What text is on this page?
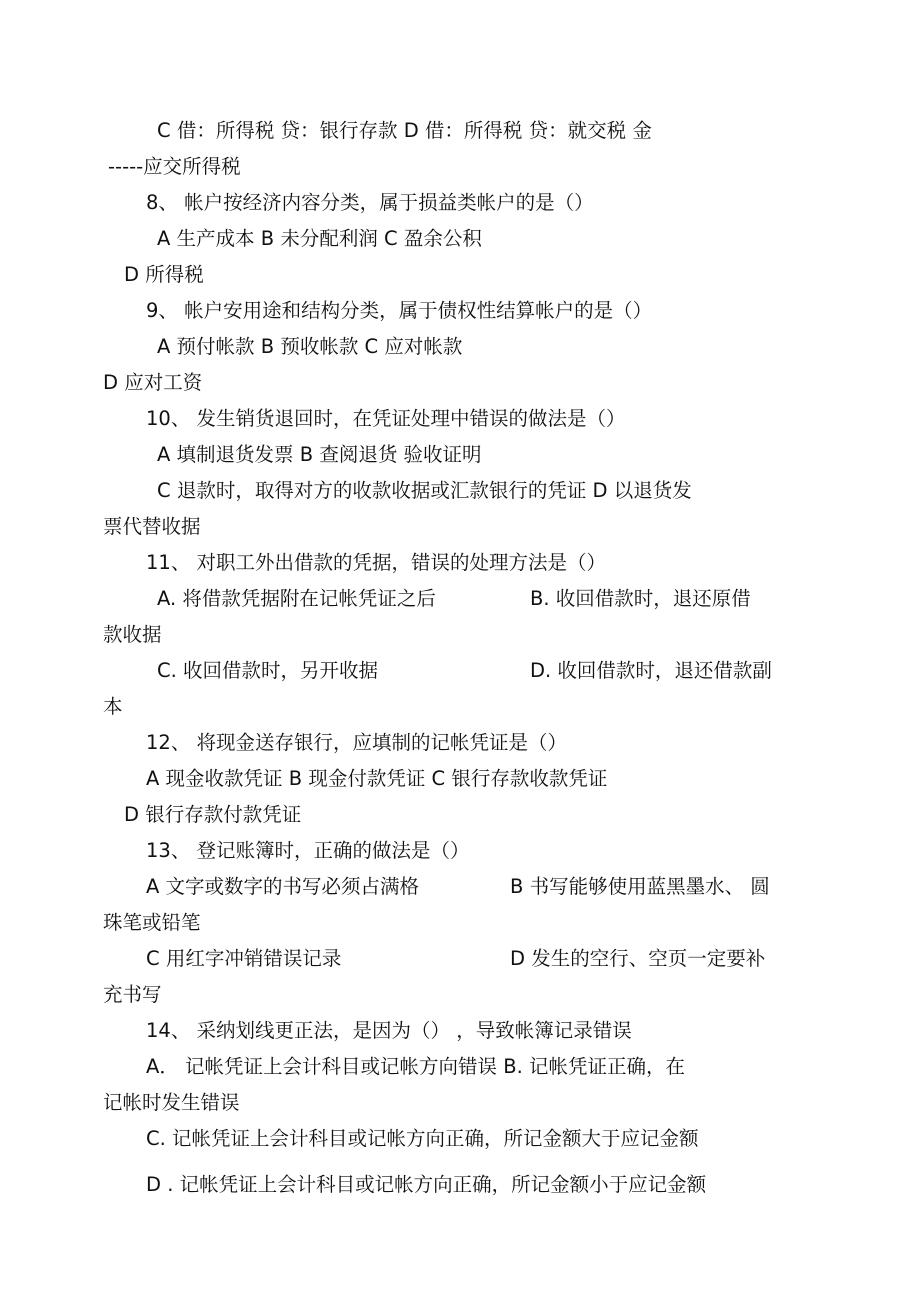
C 借：所得税 贷：银行存款 D 借：所得税 贷：就交税 金
-----应交所得税
8、 帐户按经济内容分类，属于损益类帐户的是（）
A 生产成本 B 未分配利润 C 盈余公积
D 所得税
9、 帐户安用途和结构分类，属于债权性结算帐户的是（）
A 预付帐款 B 预收帐款 C 应对帐款
D 应对工资
10、 发生销货退回时，在凭证处理中错误的做法是（）
A 填制退货发票 B 查阅退货 验收证明
C 退款时，取得对方的收款收据或汇款银行的凭证 D 以退货发
票代替收据
11、 对职工外出借款的凭据，错误的处理方法是（）
A. 将借款凭据附在记帐凭证之后	B. 收回借款时，退还原借
款收据
C. 收回借款时，另开收据	D. 收回借款时，退还借款副
本
12、 将现金送存银行，应填制的记帐凭证是（）
A 现金收款凭证 B 现金付款凭证 C 银行存款收款凭证
D 银行存款付款凭证
13、 登记账簿时，正确的做法是（）
A 文字或数字的书写必须占满格	B 书写能够使用蓝黑墨水、 圆
珠笔或铅笔
C 用红字冲销错误记录	D 发生的空行、空页一定要补
充书写
14、 采纳划线更正法，是因为（） ，导致帐簿记录错误
A． 记帐凭证上会计科目或记帐方向错误 B. 记帐凭证正确，在
记帐时发生错误
C. 记帐凭证上会计科目或记帐方向正确，所记金额大于应记金额
D . 记帐凭证上会计科目或记帐方向正确，所记金额小于应记金额
